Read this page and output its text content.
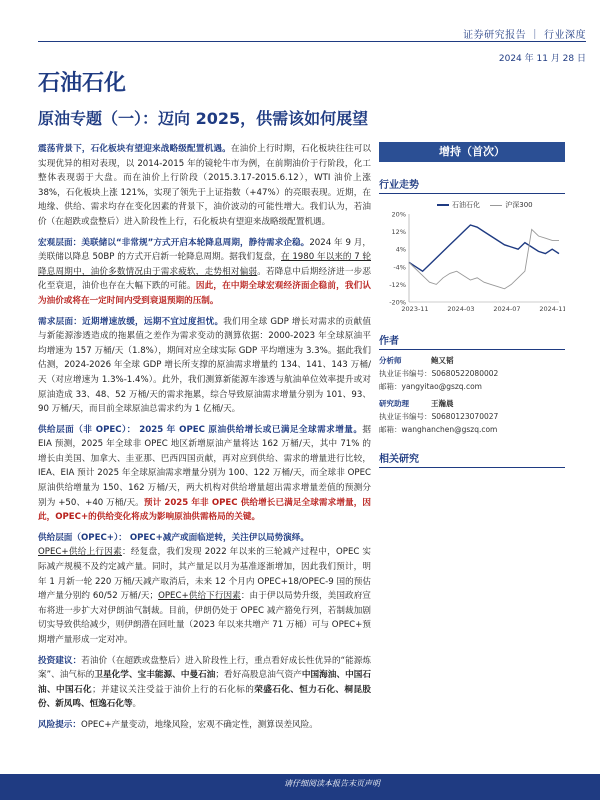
证券研究报告 ｜ 行业深度
2024 年 11 月 28 日
石油石化
原油专题（一）：迈向 2025，供需该如何展望

震荡背景下，石化板块有望迎来战略级配置机遇。在油价上行时期，石化板块往往可以实现优异的相对表现，以 2014-2015 年的镜轮牛市为例，在前期油价于行阶段，化工整体表现弱于大盘。而在油价上行阶段（2015.3.17-2015.6.12），WTI 油价上涨 38%，石化板块上涨 121%，实现了领先于上证指数（+47%）的亮眼表现。近期，在地缘、供给、需求均存在变化因素的背景下，油价波动的可能性增大。我们认为，若油价（在超跌或盘整后）进入阶段性上行，石化板块有望迎来战略级配置机遇。

宏观层面：美联储以“非常规”方式开启本轮降息周期，静待需求企稳。2024 年 9 月，美联储以降息 50BP 的方式开启新一轮降息周期。据我们复盘，在 1980 年以来的 7 轮降息周期中，油价多数情况由于需求疲软，走势相对偏弱。若降息中后期经济进一步恶化至衰退，油价也存在大幅下跌的可能。因此，在中期全球宏观经济面企稳前，我们认为油价或将在一定时间内受到衰退预期的压制。

需求层面：近期增速放缓，远期不宜过度担忧。我们用全球 GDP 增长对需求的贡献值与新能源渗透造成的拖累值之差作为需求变动的测算依据：2000-2023 年全球原油平均增速为 157 万桶/天（1.8%），期间对应全球实际 GDP 平均增速为 3.3%。据此我们估测，2024-2026 年全球 GDP 增长所支撑的原油需求增量约 134、141、143 万桶/天（对应增速为 1.3%-1.4%）。此外，我们测算新能源车渗透与航油单位效率提升或对原油造成 33、48、52 万桶/天的需求拖累，综合导致原油需求增量分别为 101、93、90 万桶/天，而目前全球原油总需求约为 1 亿桶/天。

供给层面（非 OPEC）： 2025 年 OPEC 原油供给增长或已满足全球需求增量。据 EIA 预测，2025 年全球非 OPEC 地区新增原油产量将达 162 万桶/天，其中 71% 的增长由美国、加拿大、圭亚那、巴西四国贡献，再对应到供给、需求的增量进行比较，IEA、EIA 预计 2025 年全球原油需求增量分别为 100、122 万桶/天，而全球非 OPEC 原油供给增量为 150、162 万桶/天，两大机构对供给增量超出需求增量差值的预测分别为 +50、+40 万桶/天。预计 2025 年非 OPEC 供给增长已满足全球需求增量，因此，OPEC+的供给变化将成为影响原油供需格局的关键。

供给层面（OPEC+）： OPEC+减产或面临逆转，关注伊以局势演绎。
OPEC+供给上行因素：经复盘，我们发现 2022 年以来的三轮减产过程中，OPEC 实际减产规模不及约定减产量。同时，其产量足以月为基准逐渐增加，因此我们预计，明年 1 月新一轮 220 万桶/天减产取消后，未来 12 个月内 OPEC+18/OPEC-9 国的预估增产量分别约 60/52 万桶/天；OPEC+供给下行因素：由于伊以局势升级，美国政府宣布将进一步扩大对伊朗油气制裁。目前，伊朗仍处于 OPEC 减产豁免行列，若制裁加剧切实导致供给减少，则伊朗潜在回吐量（2023 年以来共增产 71 万桶）可与 OPEC+预期增产量形成一定对冲。

投资建议：若油价（在超跌或盘整后）进入阶段性上行，重点看好成长性优异的“能源炼案”、油气标的卫星化学、宝丰能源、中曼石油；看好高股息油气资产中国海油、中国石油、中国石化；并建议关注受益于油价上行的石化标的荣盛石化、恒力石化、桐昆股份、新凤鸣、恒逸石化等。

风险提示：OPEC+产量变动，地缘风险，宏观不确定性，测算误差风险。

增持（首次）
行业走势
石油石化	沪深300
20%
12%
4%
-4%
-12%
-20%
2023-11	2024-03	2024-07	2024-11
作者
分析师	鲍又韬
执业证书编号： S0680522080002
邮箱： yangyitao@gszq.com
研究助理	王瀚晨
执业证书编号： S0680123070027
邮箱： wanghanchen@gszq.com
相关研究
请仔细阅读本报告末页声明
